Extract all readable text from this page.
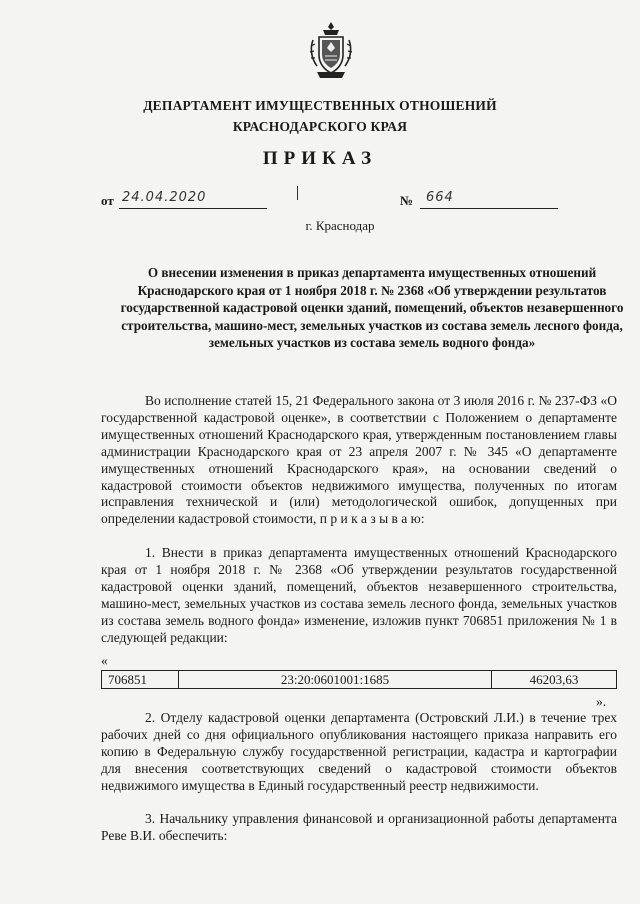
ДЕПАРТАМЕНТ ИМУЩЕСТВЕННЫХ ОТНОШЕНИЙ
КРАСНОДАРСКОГО КРАЯ
ПРИКАЗ
от 24.04.2020	№ 664
г. Краснодар
О внесении изменения в приказ департамента имущественных отношений Краснодарского края от 1 ноября 2018 г. № 2368 «Об утверждении результатов государственной кадастровой оценки зданий, помещений, объектов незавершенного строительства, машино-мест, земельных участков из состава земель лесного фонда, земельных участков из состава земель водного фонда»
Во исполнение статей 15, 21 Федерального закона от 3 июля 2016 г. № 237-ФЗ «О государственной кадастровой оценке», в соответствии с Положением о департаменте имущественных отношений Краснодарского края, утвержденным постановлением главы администрации Краснодарского края от 23 апреля 2007 г. № 345 «О департаменте имущественных отношений Краснодарского края», на основании сведений о кадастровой стоимости объектов недвижимого имущества, полученных по итогам исправления технической и (или) методологической ошибок, допущенных при определении кадастровой стоимости, п р и к а з ы в а ю:
1. Внести в приказ департамента имущественных отношений Краснодарского края от 1 ноября 2018 г. № 2368 «Об утверждении результатов государственной кадастровой оценки зданий, помещений, объектов незавершенного строительства, машино-мест, земельных участков из состава земель лесного фонда, земельных участков из состава земель водного фонда» изменение, изложив пункт 706851 приложения № 1 в следующей редакции:
«
706851	23:20:0601001:1685	46203,63
».
2. Отделу кадастровой оценки департамента (Островский Л.И.) в течение трех рабочих дней со дня официального опубликования настоящего приказа направить его копию в Федеральную службу государственной регистрации, кадастра и картографии для внесения соответствующих сведений о кадастровой стоимости объектов недвижимого имущества в Единый государственный реестр недвижимости.
3. Начальнику управления финансовой и организационной работы департамента Реве В.И. обеспечить:
